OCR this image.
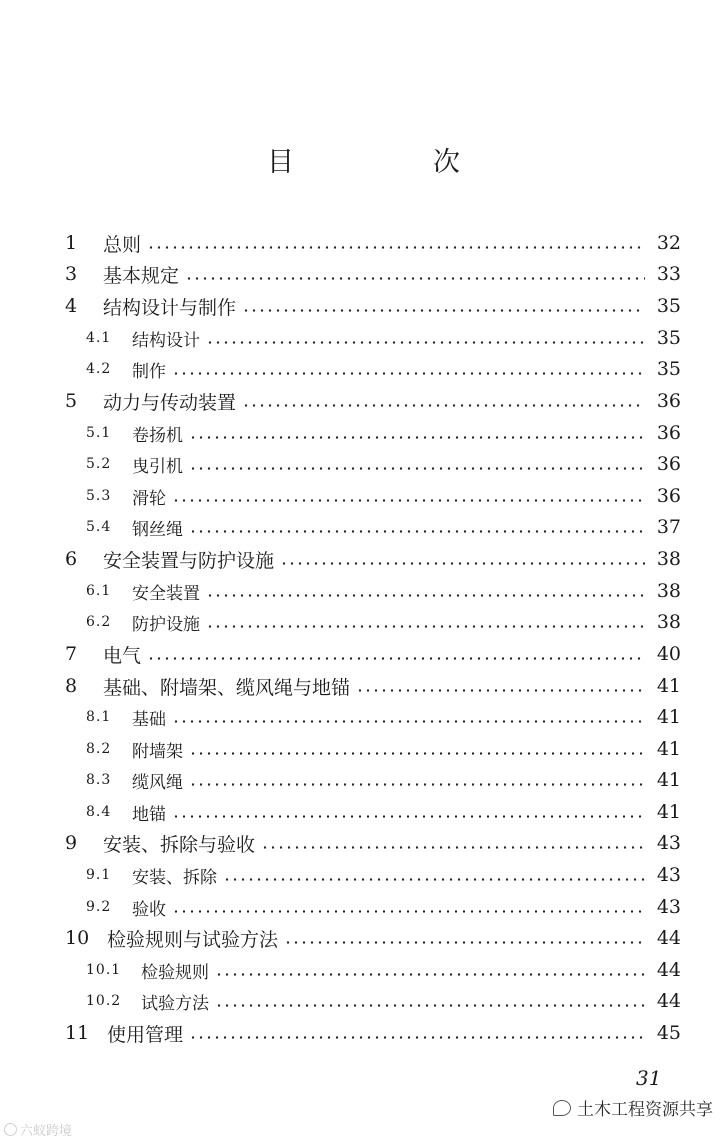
目　次
1	总则	32
3	基本规定	33
4	结构设计与制作	35
4.1	结构设计	35
4.2	制作	35
5	动力与传动装置	36
5.1	卷扬机	36
5.2	曳引机	36
5.3	滑轮	36
5.4	钢丝绳	37
6	安全装置与防护设施	38
6.1	安全装置	38
6.2	防护设施	38
7	电气	40
8	基础、附墙架、缆风绳与地锚	41
8.1	基础	41
8.2	附墙架	41
8.3	缆风绳	41
8.4	地锚	41
9	安装、拆除与验收	43
9.1	安装、拆除	43
9.2	验收	43
10 检验规则与试验方法	44
10.1	检验规则	44
10.2	试验方法	44
11 使用管理	45
31
六蚁跨境
土木工程资源共享
